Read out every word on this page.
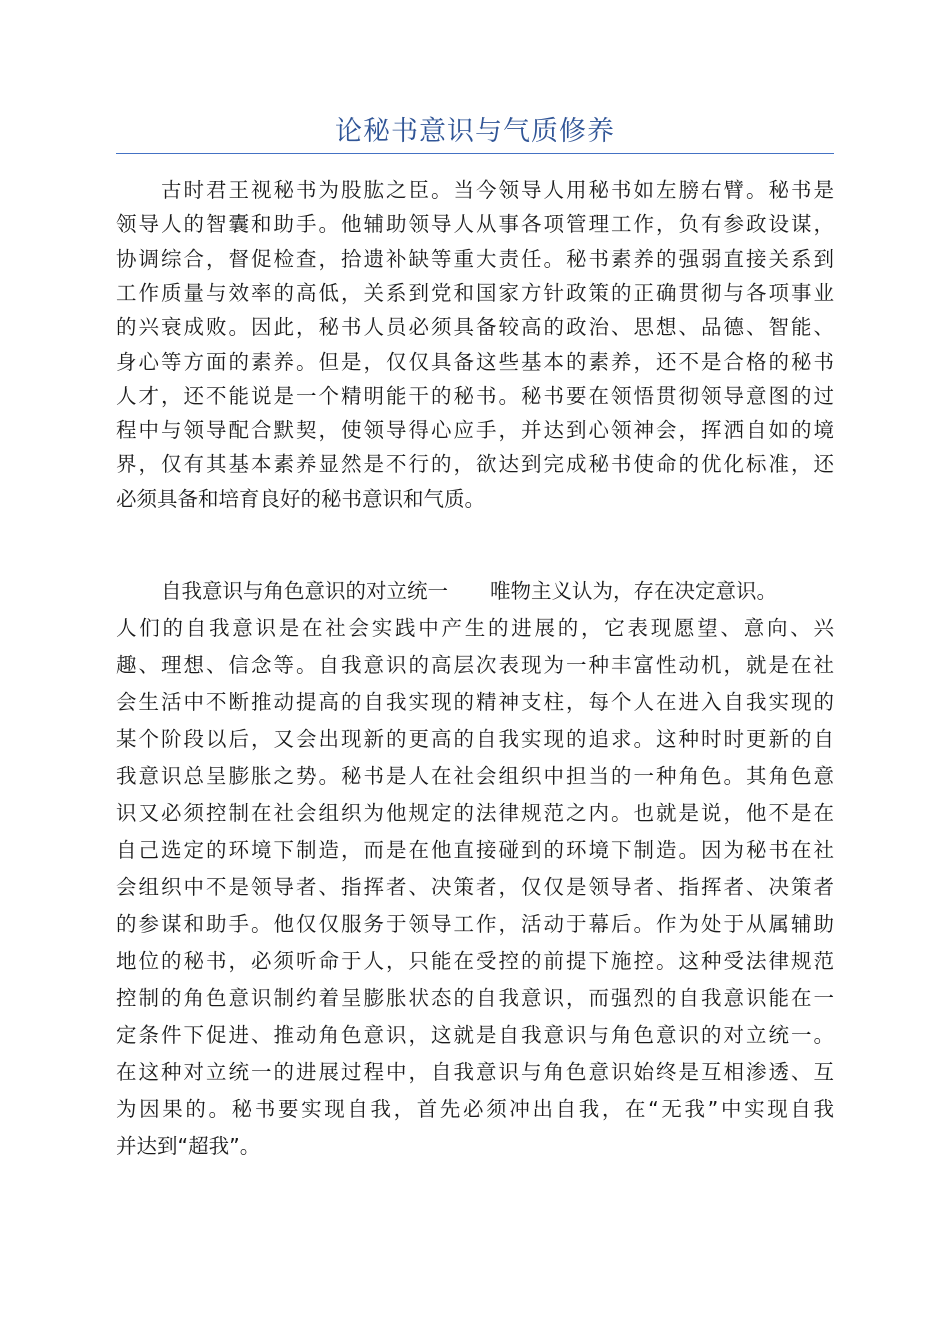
论秘书意识与气质修养
古时君王视秘书为股肱之臣。当今领导人用秘书如左膀右臂。秘书是
领导人的智囊和助手。他辅助领导人从事各项管理工作，负有参政设谋，
协调综合，督促检查，拾遗补缺等重大责任。秘书素养的强弱直接关系到
工作质量与效率的高低，关系到党和国家方针政策的正确贯彻与各项事业
的兴衰成败。因此，秘书人员必须具备较高的政治、思想、品德、智能、
身心等方面的素养。但是，仅仅具备这些基本的素养，还不是合格的秘书
人才，还不能说是一个精明能干的秘书。秘书要在领悟贯彻领导意图的过
程中与领导配合默契，使领导得心应手，并达到心领神会，挥洒自如的境
界，仅有其基本素养显然是不行的，欲达到完成秘书使命的优化标准，还
必须具备和培育良好的秘书意识和气质。
自我意识与角色意识的对立统一 唯物主义认为，存在决定意识。
人们的自我意识是在社会实践中产生的进展的，它表现愿望、意向、兴
趣、理想、信念等。自我意识的高层次表现为一种丰富性动机，就是在社
会生活中不断推动提高的自我实现的精神支柱，每个人在进入自我实现的
某个阶段以后，又会出现新的更高的自我实现的追求。这种时时更新的自
我意识总呈膨胀之势。秘书是人在社会组织中担当的一种角色。其角色意
识又必须控制在社会组织为他规定的法律规范之内。也就是说，他不是在
自己选定的环境下制造，而是在他直接碰到的环境下制造。因为秘书在社
会组织中不是领导者、指挥者、决策者，仅仅是领导者、指挥者、决策者
的参谋和助手。他仅仅服务于领导工作，活动于幕后。作为处于从属辅助
地位的秘书，必须听命于人，只能在受控的前提下施控。这种受法律规范
控制的角色意识制约着呈膨胀状态的自我意识，而强烈的自我意识能在一
定条件下促进、推动角色意识，这就是自我意识与角色意识的对立统一。
在这种对立统一的进展过程中，自我意识与角色意识始终是互相渗透、互
为因果的。秘书要实现自我，首先必须冲出自我，在“无我”中实现自我
并达到“超我”。
